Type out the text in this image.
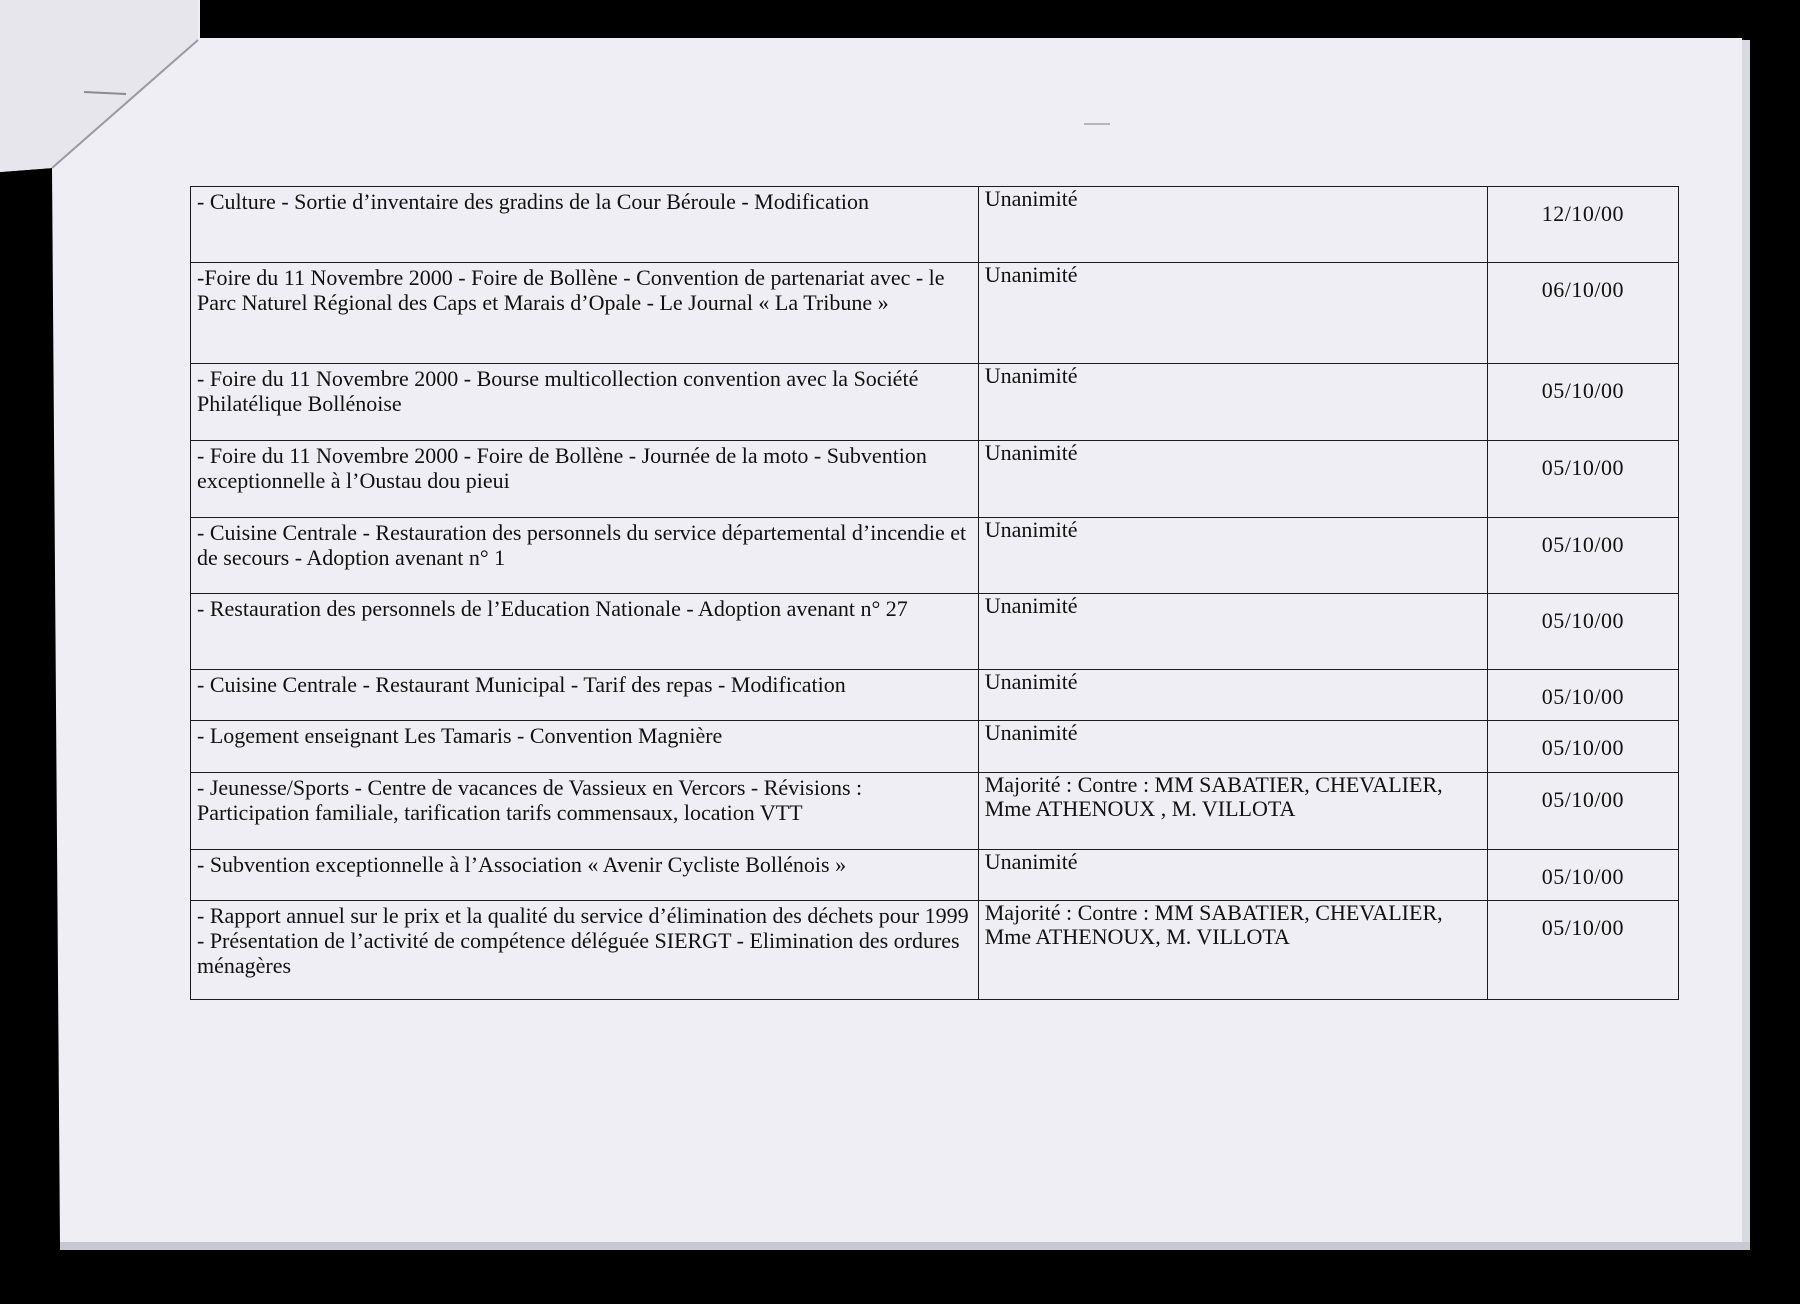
- Culture - Sortie d’inventaire des gradins de la Cour Béroule - Modification	Unanimité	12/10/00
-Foire du 11 Novembre 2000 - Foire de Bollène - Convention de partenariat avec - le Parc Naturel Régional des Caps et Marais d’Opale - Le Journal « La Tribune »	Unanimité	06/10/00
- Foire du 11 Novembre 2000 - Bourse multicollection convention avec la Société Philatélique Bollénoise	Unanimité	05/10/00
- Foire du 11 Novembre 2000 - Foire de Bollène - Journée de la moto - Subvention exceptionnelle à l’Oustau dou pieui	Unanimité	05/10/00
- Cuisine Centrale - Restauration des personnels du service départemental d’incendie et de secours - Adoption avenant n° 1	Unanimité	05/10/00
- Restauration des personnels de l’Education Nationale - Adoption avenant n° 27	Unanimité	05/10/00
- Cuisine Centrale - Restaurant Municipal - Tarif des repas - Modification	Unanimité	05/10/00
- Logement enseignant Les Tamaris - Convention Magnière	Unanimité	05/10/00
- Jeunesse/Sports - Centre de vacances de Vassieux en Vercors - Révisions : Participation familiale, tarification tarifs commensaux, location VTT	Majorité : Contre : MM SABATIER, CHEVALIER, Mme ATHENOUX , M. VILLOTA	05/10/00
- Subvention exceptionnelle à l’Association « Avenir Cycliste Bollénois »	Unanimité	05/10/00
- Rapport annuel sur le prix et la qualité du service d’élimination des déchets pour 1999 - Présentation de l’activité de compétence déléguée SIERGT - Elimination des ordures ménagères	Majorité : Contre : MM SABATIER, CHEVALIER, Mme ATHENOUX, M. VILLOTA	05/10/00
